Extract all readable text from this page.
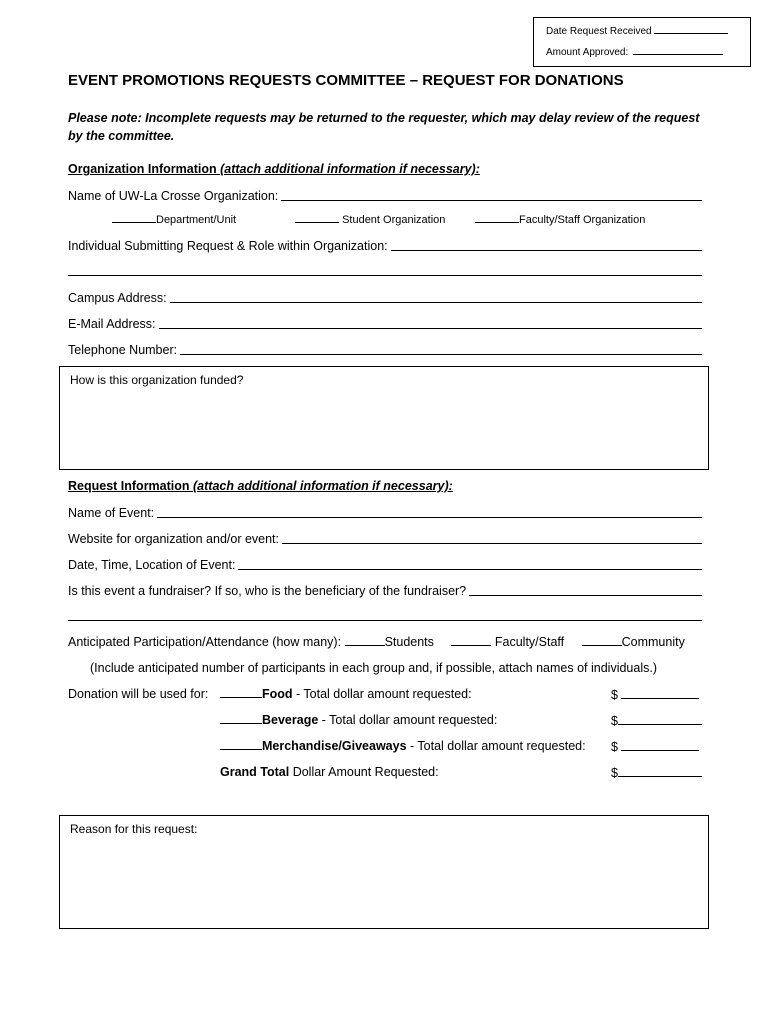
Date Request Received
Amount Approved:
EVENT PROMOTIONS REQUESTS COMMITTEE – REQUEST FOR DONATIONS
Please note: Incomplete requests may be returned to the requester, which may delay review of the request by the committee.
Organization Information (attach additional information if necessary):
Name of UW-La Crosse Organization:
Department/Unit	Student Organization	Faculty/Staff Organization
Individual Submitting Request & Role within Organization:
Campus Address:
E-Mail Address:
Telephone Number:
How is this organization funded?
Request Information (attach additional information if necessary):
Name of Event:
Website for organization and/or event:
Date, Time, Location of Event:
Is this event a fundraiser? If so, who is the beneficiary of the fundraiser?
Anticipated Participation/Attendance (how many):	Students	Faculty/Staff	Community
(Include anticipated number of participants in each group and, if possible, attach names of individuals.)
Donation will be used for:	Food - Total dollar amount requested:	$
Beverage - Total dollar amount requested:	$
Merchandise/Giveaways - Total dollar amount requested: $
Grand Total Dollar Amount Requested:	$
Reason for this request:
